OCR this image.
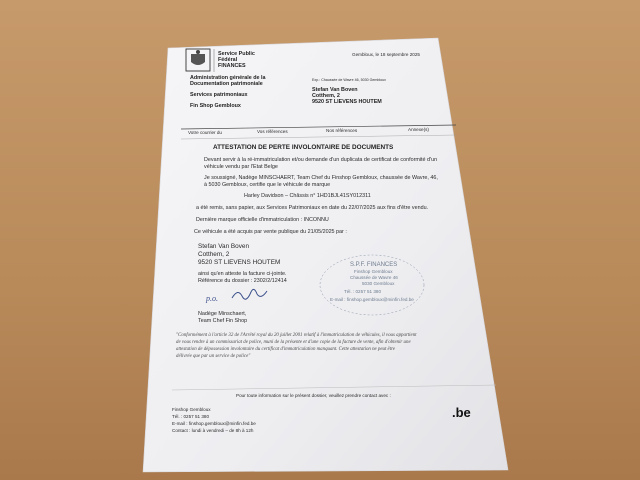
Service Public
Fédéral
FINANCES
Gembloux, le 18 septembre 2025
Administration générale de la
Documentation patrimoniale
Services patrimoniaux
Fin Shop Gembloux
Exp.: Chaussée de Wavre 46, 5030 Gembloux
Stefan Van Boven
Cotthem, 2
9520 ST LIEVENS HOUTEM
Votre courrier du	Vos références	Nos références	Annexe(s)
ATTESTATION DE PERTE INVOLONTAIRE DE DOCUMENTS
Devant servir à la ré-immatriculation et/ou demande d'un duplicata de certificat de conformité d'un
véhicule vendu par l'Etat Belge
Je soussigné, Nadège MINSCHAERT, Team Chef du Finshop Gembloux, chaussée de Wavre, 46,
à 5030 Gembloux, certifie que le véhicule de marque
Harley Davidson – Châssis n° 1HD1BJL41SY012311
a été remis, sans papier, aux Services Patrimoniaux en date du 22/07/2025 aux fins d'être vendu.
Dernière marque officielle d'immatriculation : INCONNU
Ce véhicule a été acquis par vente publique du 21/05/2025 par :
Stefan Van Boven
Cotthem, 2
9520 ST LIEVENS HOUTEM
ainsi qu'en atteste la facture ci-jointe.
Référence du dossier : 2302/2/12414
p.o.
Nadège Minschaert,
Team Chef Fin Shop
S.P.F. FINANCES
Finshop Gembloux
Chaussée de Wavre 46
5030 Gembloux
Tél. : 0257 51 380
E-mail : finshop.gembloux@minfin.fed.be
"Conformément à l'article 32 de l'Arrêté royal du 20 juillet 2001 relatif à l'immatriculation de véhicules, il vous appartient
de vous rendre à un commissariat de police, muni de la présente et d'une copie de la facture de vente, afin d'obtenir une
attestation de dépossession involontaire du certificat d'immatriculation manquant. Cette attestation ne peut être
délivrée que par un service de police"
Pour toute information sur le présent dossier, veuillez prendre contact avec :
Finshop Gembloux
Tél. : 0257 51 380
E-mail : finshop.gembloux@minfin.fed.be
Contact : lundi à vendredi – de 8h à 12h
.be
